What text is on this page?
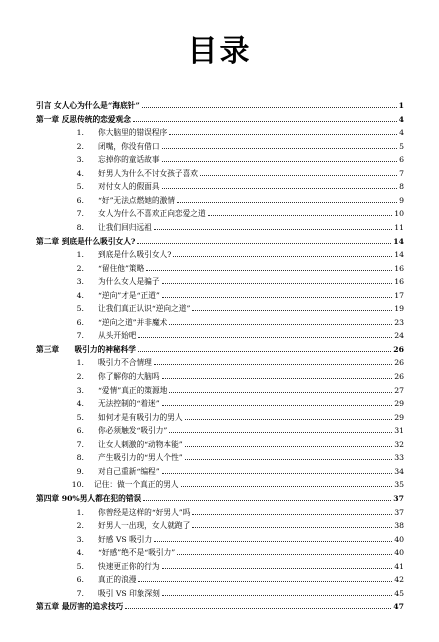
目录
引言 女人心为什么是“海底针”	1
第一章 反思传统的恋爱观念	4
1. 你大脑里的错误程序	4
2. 闭嘴，你没有借口	5
3. 忘掉你的童话故事	6
4. 好男人为什么不讨女孩子喜欢	7
5. 对付女人的假面具	8
6. “好”无法点燃她的激情	9
7. 女人为什么不喜欢正向恋爱之道	10
8. 让我们回归远祖	11
第二章 到底是什么吸引女人?	14
1. 到底是什么吸引女人?	14
2. “留住他”策略	16
3. 为什么女人是骗子	16
4. “逆向”才是“正道”	17
5. 让我们真正认识“逆向之道”	19
6. “逆向之道”并非魔术	23
7. 从头开始吧	24
第三章　　吸引力的神秘科学	26
1. 吸引力不合情理	26
2. 你了解你的大脑吗	26
3. “爱情”真正的策源地	27
4. 无法控制的“着迷”	29
5. 如何才是有吸引力的男人	29
6. 你必须触发“吸引力”	31
7. 让女人刺激的“动物本能”	32
8. 产生吸引力的“男人个性”	33
9. 对自己重新“编程”	34
10. 记住：做一个真正的男人	35
第四章 90%男人都在犯的错误	37
1. 你曾经是这样的“好男人”吗	37
2. 好男人一出现，女人就跑了	38
3. 好感 VS 吸引力	40
4. “好感”绝不是“吸引力”	40
5. 快速更正你的行为	41
6. 真正的浪漫	42
7. 吸引 VS 印象深刻	45
第五章 最厉害的追求技巧	47
